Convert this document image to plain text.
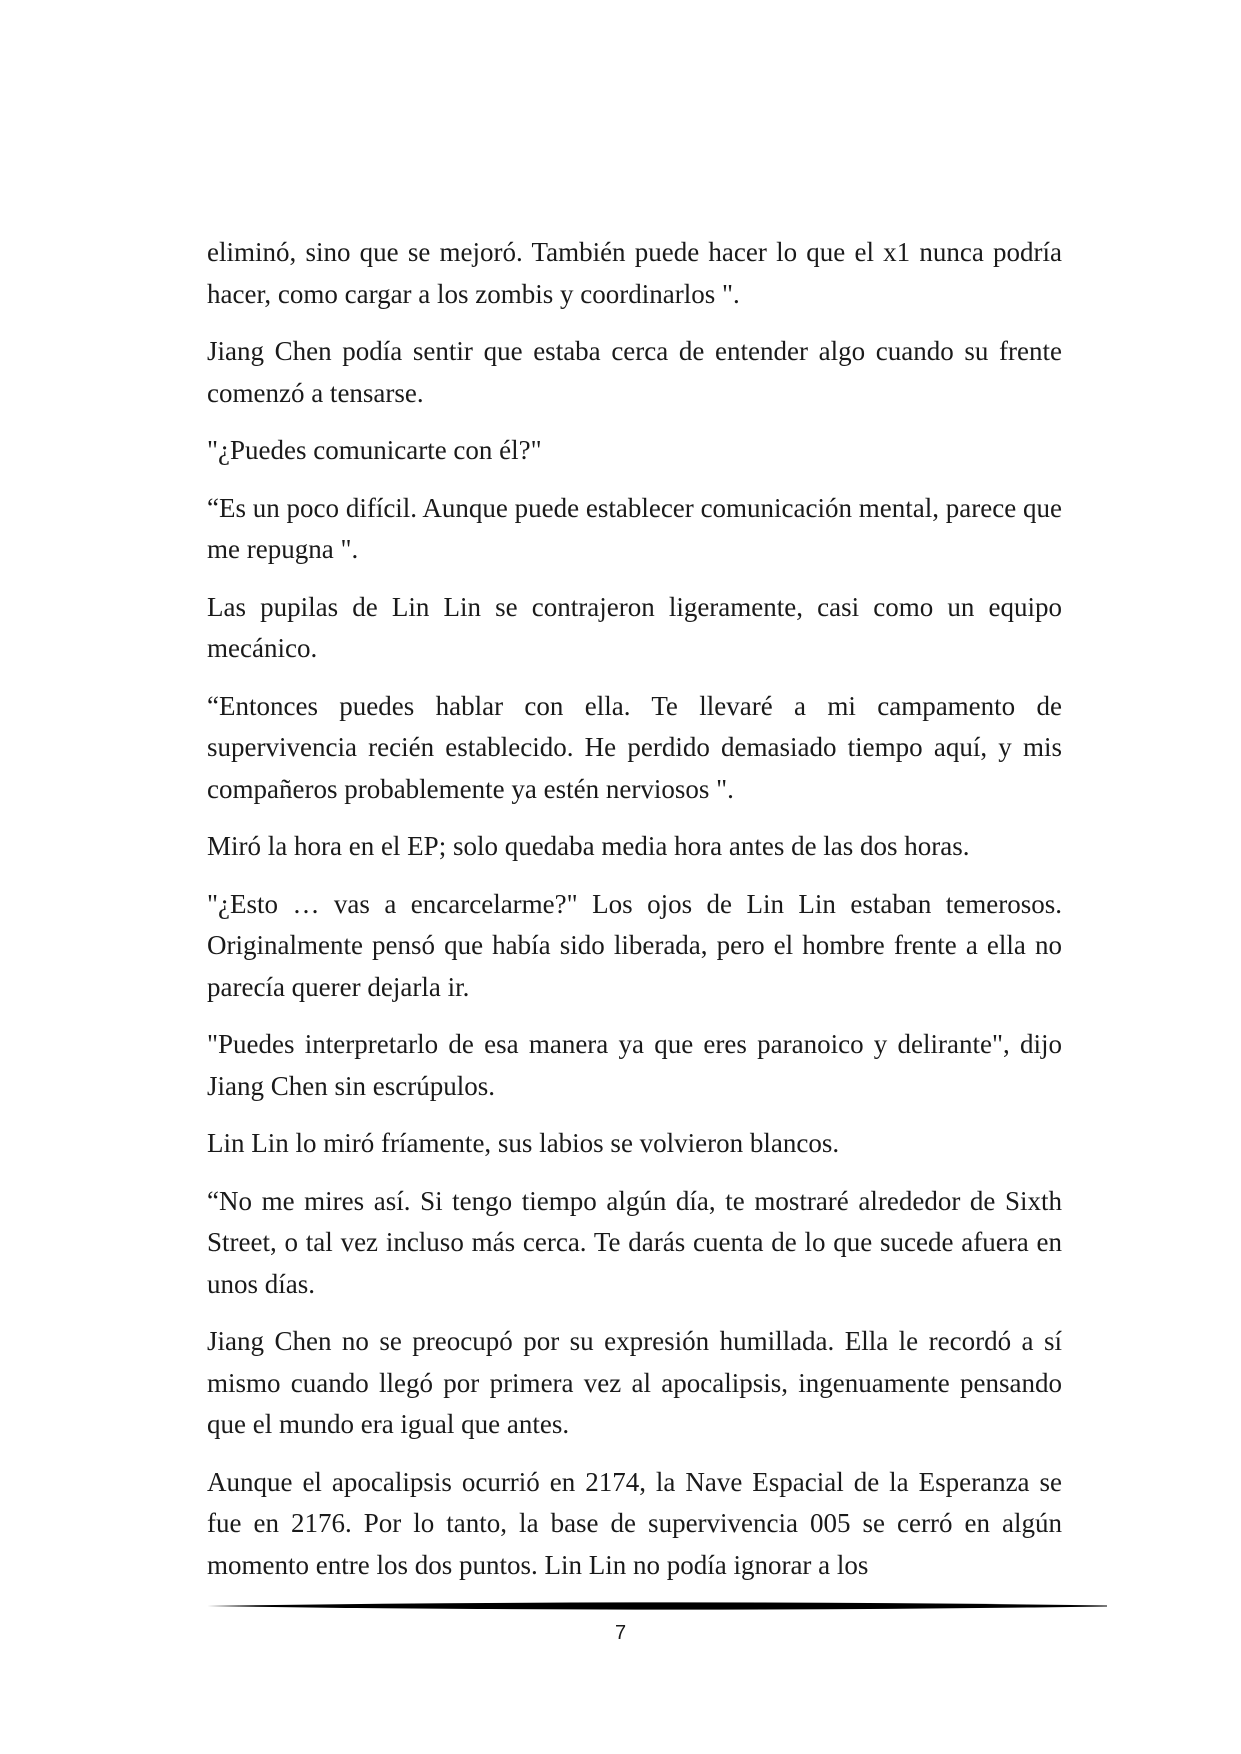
eliminó, sino que se mejoró. También puede hacer lo que el x1 nunca podría hacer, como cargar a los zombis y coordinarlos ".

Jiang Chen podía sentir que estaba cerca de entender algo cuando su frente comenzó a tensarse.

"¿Puedes comunicarte con él?"

“Es un poco difícil. Aunque puede establecer comunicación mental, parece que me repugna ".

Las pupilas de Lin Lin se contrajeron ligeramente, casi como un equipo mecánico.

“Entonces puedes hablar con ella. Te llevaré a mi campamento de supervivencia recién establecido. He perdido demasiado tiempo aquí, y mis compañeros probablemente ya estén nerviosos ".

Miró la hora en el EP; solo quedaba media hora antes de las dos horas.

"¿Esto … vas a encarcelarme?" Los ojos de Lin Lin estaban temerosos. Originalmente pensó que había sido liberada, pero el hombre frente a ella no parecía querer dejarla ir.

"Puedes interpretarlo de esa manera ya que eres paranoico y delirante", dijo Jiang Chen sin escrúpulos.

Lin Lin lo miró fríamente, sus labios se volvieron blancos.

“No me mires así. Si tengo tiempo algún día, te mostraré alrededor de Sixth Street, o tal vez incluso más cerca. Te darás cuenta de lo que sucede afuera en unos días.

Jiang Chen no se preocupó por su expresión humillada. Ella le recordó a sí mismo cuando llegó por primera vez al apocalipsis, ingenuamente pensando que el mundo era igual que antes.

Aunque el apocalipsis ocurrió en 2174, la Nave Espacial de la Esperanza se fue en 2176. Por lo tanto, la base de supervivencia 005 se cerró en algún momento entre los dos puntos. Lin Lin no podía ignorar a los

7
